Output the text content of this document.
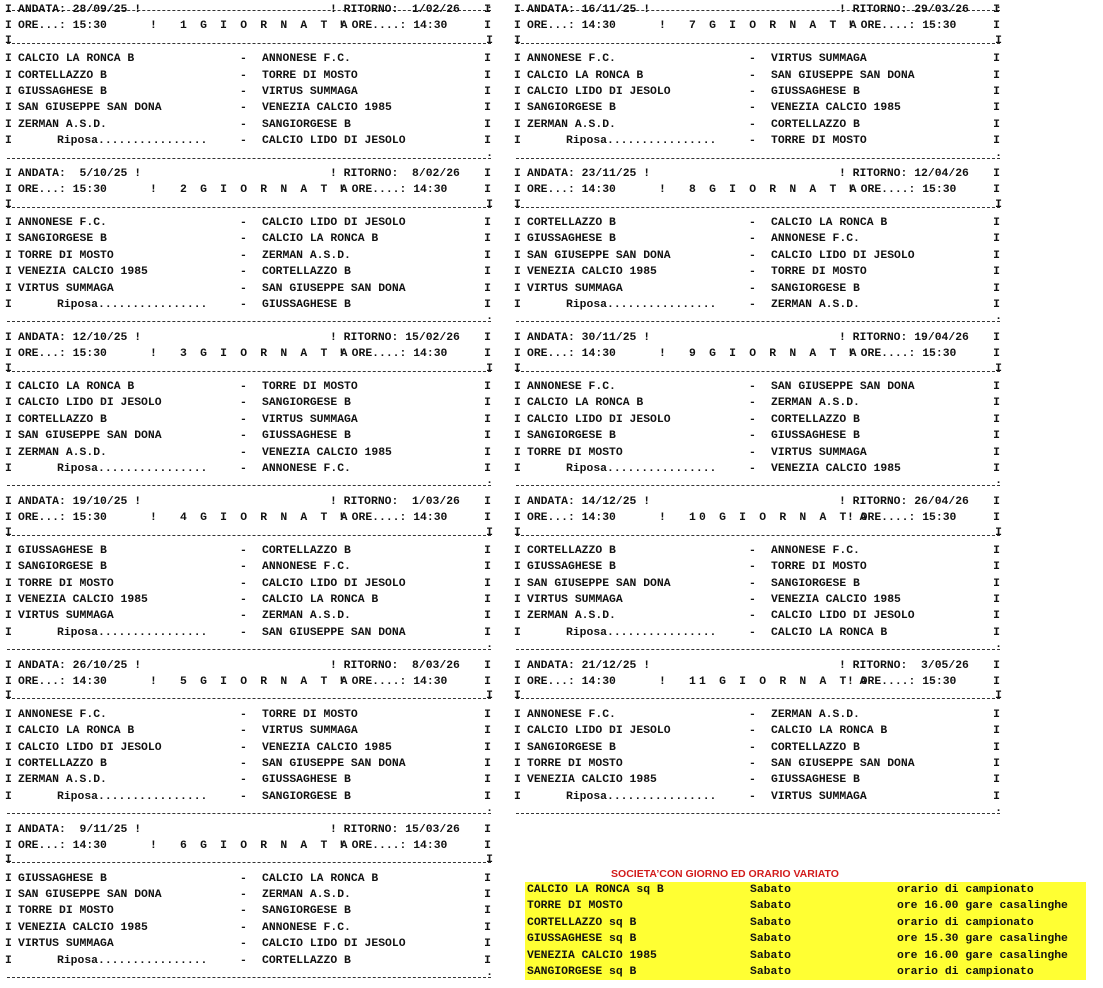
I ANDATA: 28/09/25 !	! RITORNO:  1/02/26 I
I ORE...: 15:30	! 1 G I O R N A T A
! ORE....: 14:30	I
I	I
I CALCIO LA RONCA B	- ANNONESE F.C.	I
I CORTELLAZZO B	- TORRE DI MOSTO	I
I GIUSSAGHESE B	- VIRTUS SUMMAGA	I
I SAN GIUSEPPE SAN DONA	- VENEZIA CALCIO 1985	I
I ZERMAN A.S.D.	- SANGIORGESE B	I
I	Riposa................	- CALCIO LIDO DI JESOLO	I
.
I ANDATA:  5/10/25 !	! RITORNO:  8/02/26 I
I ORE...: 15:30	! 2 G I O R N A T A
! ORE....: 14:30	I
I	I
I ANNONESE F.C.	- CALCIO LIDO DI JESOLO	I
I SANGIORGESE B	- CALCIO LA RONCA B	I
I TORRE DI MOSTO	- ZERMAN A.S.D.	I
I VENEZIA CALCIO 1985	- CORTELLAZZO B	I
I VIRTUS SUMMAGA	- SAN GIUSEPPE SAN DONA	I
I	Riposa................	- GIUSSAGHESE B	I
.
I ANDATA: 12/10/25 !	! RITORNO: 15/02/26 I
I ORE...: 15:30	! 3 G I O R N A T A
! ORE....: 14:30	I
I	I
I CALCIO LA RONCA B	- TORRE DI MOSTO	I
I CALCIO LIDO DI JESOLO	- SANGIORGESE B	I
I CORTELLAZZO B	- VIRTUS SUMMAGA	I
I SAN GIUSEPPE SAN DONA	- GIUSSAGHESE B	I
I ZERMAN A.S.D.	- VENEZIA CALCIO 1985	I
I	Riposa................	- ANNONESE F.C.	I
.
I ANDATA: 19/10/25 !	! RITORNO:  1/03/26 I
I ORE...: 15:30	! 4 G I O R N A T A
! ORE....: 14:30	I
I	I
I GIUSSAGHESE B	- CORTELLAZZO B	I
I SANGIORGESE B	- ANNONESE F.C.	I
I TORRE DI MOSTO	- CALCIO LIDO DI JESOLO	I
I VENEZIA CALCIO 1985	- CALCIO LA RONCA B	I
I VIRTUS SUMMAGA	- ZERMAN A.S.D.	I
I	Riposa................	- SAN GIUSEPPE SAN DONA	I
.
I ANDATA: 26/10/25 !	! RITORNO:  8/03/26 I
I ORE...: 14:30	! 5 G I O R N A T A
! ORE....: 14:30	I
I	I
I ANNONESE F.C.	- TORRE DI MOSTO	I
I CALCIO LA RONCA B	- VIRTUS SUMMAGA	I
I CALCIO LIDO DI JESOLO	- VENEZIA CALCIO 1985	I
I CORTELLAZZO B	- SAN GIUSEPPE SAN DONA	I
I ZERMAN A.S.D.	- GIUSSAGHESE B	I
I	Riposa................	- SANGIORGESE B	I
.
I ANDATA:  9/11/25 !	! RITORNO: 15/03/26 I
I ORE...: 14:30	! 6 G I O R N A T A
! ORE....: 14:30	I
I	I
I GIUSSAGHESE B	- CALCIO LA RONCA B	I
I SAN GIUSEPPE SAN DONA	- ZERMAN A.S.D.	I
I TORRE DI MOSTO	- SANGIORGESE B	I
I VENEZIA CALCIO 1985	- ANNONESE F.C.	I
I VIRTUS SUMMAGA	- CALCIO LIDO DI JESOLO	I
I	Riposa................	- CORTELLAZZO B	I
.
I ANDATA: 16/11/25 !	! RITORNO: 29/03/26 I
I ORE...: 14:30	! 7 G I O R N A T A
! ORE....: 15:30	I
I	I
I ANNONESE F.C.	- VIRTUS SUMMAGA	I
I CALCIO LA RONCA B	- SAN GIUSEPPE SAN DONA	I
I CALCIO LIDO DI JESOLO	- GIUSSAGHESE B	I
I SANGIORGESE B	- VENEZIA CALCIO 1985	I
I ZERMAN A.S.D.	- CORTELLAZZO B	I
I	Riposa................	- TORRE DI MOSTO	I
.
I ANDATA: 23/11/25 !	! RITORNO: 12/04/26 I
I ORE...: 14:30	! 8 G I O R N A T A
! ORE....: 15:30	I
I	I
I CORTELLAZZO B	- CALCIO LA RONCA B	I
I GIUSSAGHESE B	- ANNONESE F.C.	I
I SAN GIUSEPPE SAN DONA	- CALCIO LIDO DI JESOLO	I
I VENEZIA CALCIO 1985	- TORRE DI MOSTO	I
I VIRTUS SUMMAGA	- SANGIORGESE B	I
I	Riposa................	- ZERMAN A.S.D.	I
.
I ANDATA: 30/11/25 !	! RITORNO: 19/04/26 I
I ORE...: 14:30	! 9 G I O R N A T A
! ORE....: 15:30	I
I	I
I ANNONESE F.C.	- SAN GIUSEPPE SAN DONA	I
I CALCIO LA RONCA B	- ZERMAN A.S.D.	I
I CALCIO LIDO DI JESOLO	- CORTELLAZZO B	I
I SANGIORGESE B	- GIUSSAGHESE B	I
I TORRE DI MOSTO	- VIRTUS SUMMAGA	I
I	Riposa................	- VENEZIA CALCIO 1985	I
.
I ANDATA: 14/12/25 !	! RITORNO: 26/04/26 I
I ORE...: 14:30	! 10 G I O R N A T A
! ORE....: 15:30	I
I	I
I CORTELLAZZO B	- ANNONESE F.C.	I
I GIUSSAGHESE B	- TORRE DI MOSTO	I
I SAN GIUSEPPE SAN DONA	- SANGIORGESE B	I
I VIRTUS SUMMAGA	- VENEZIA CALCIO 1985	I
I ZERMAN A.S.D.	- CALCIO LIDO DI JESOLO	I
I	Riposa................	- CALCIO LA RONCA B	I
.
I ANDATA: 21/12/25 !	! RITORNO:  3/05/26 I
I ORE...: 14:30	! 11 G I O R N A T A
! ORE....: 15:30	I
I	I
I ANNONESE F.C.	- ZERMAN A.S.D.	I
I CALCIO LIDO DI JESOLO	- CALCIO LA RONCA B	I
I SANGIORGESE B	- CORTELLAZZO B	I
I TORRE DI MOSTO	- SAN GIUSEPPE SAN DONA	I
I VENEZIA CALCIO 1985	- GIUSSAGHESE B	I
I	Riposa................	- VIRTUS SUMMAGA	I
.
SOCIETA’CON GIORNO ED ORARIO VARIATO
CALCIO LA RONCA sq B	Sabato	orario di campionato
TORRE DI MOSTO	Sabato	ore 16.00 gare casalinghe
CORTELLAZZO sq B	Sabato	orario di campionato
GIUSSAGHESE sq B	Sabato	ore 15.30 gare casalinghe
VENEZIA CALCIO 1985	Sabato	ore 16.00 gare casalinghe
SANGIORGESE sq B	Sabato	orario di campionato
